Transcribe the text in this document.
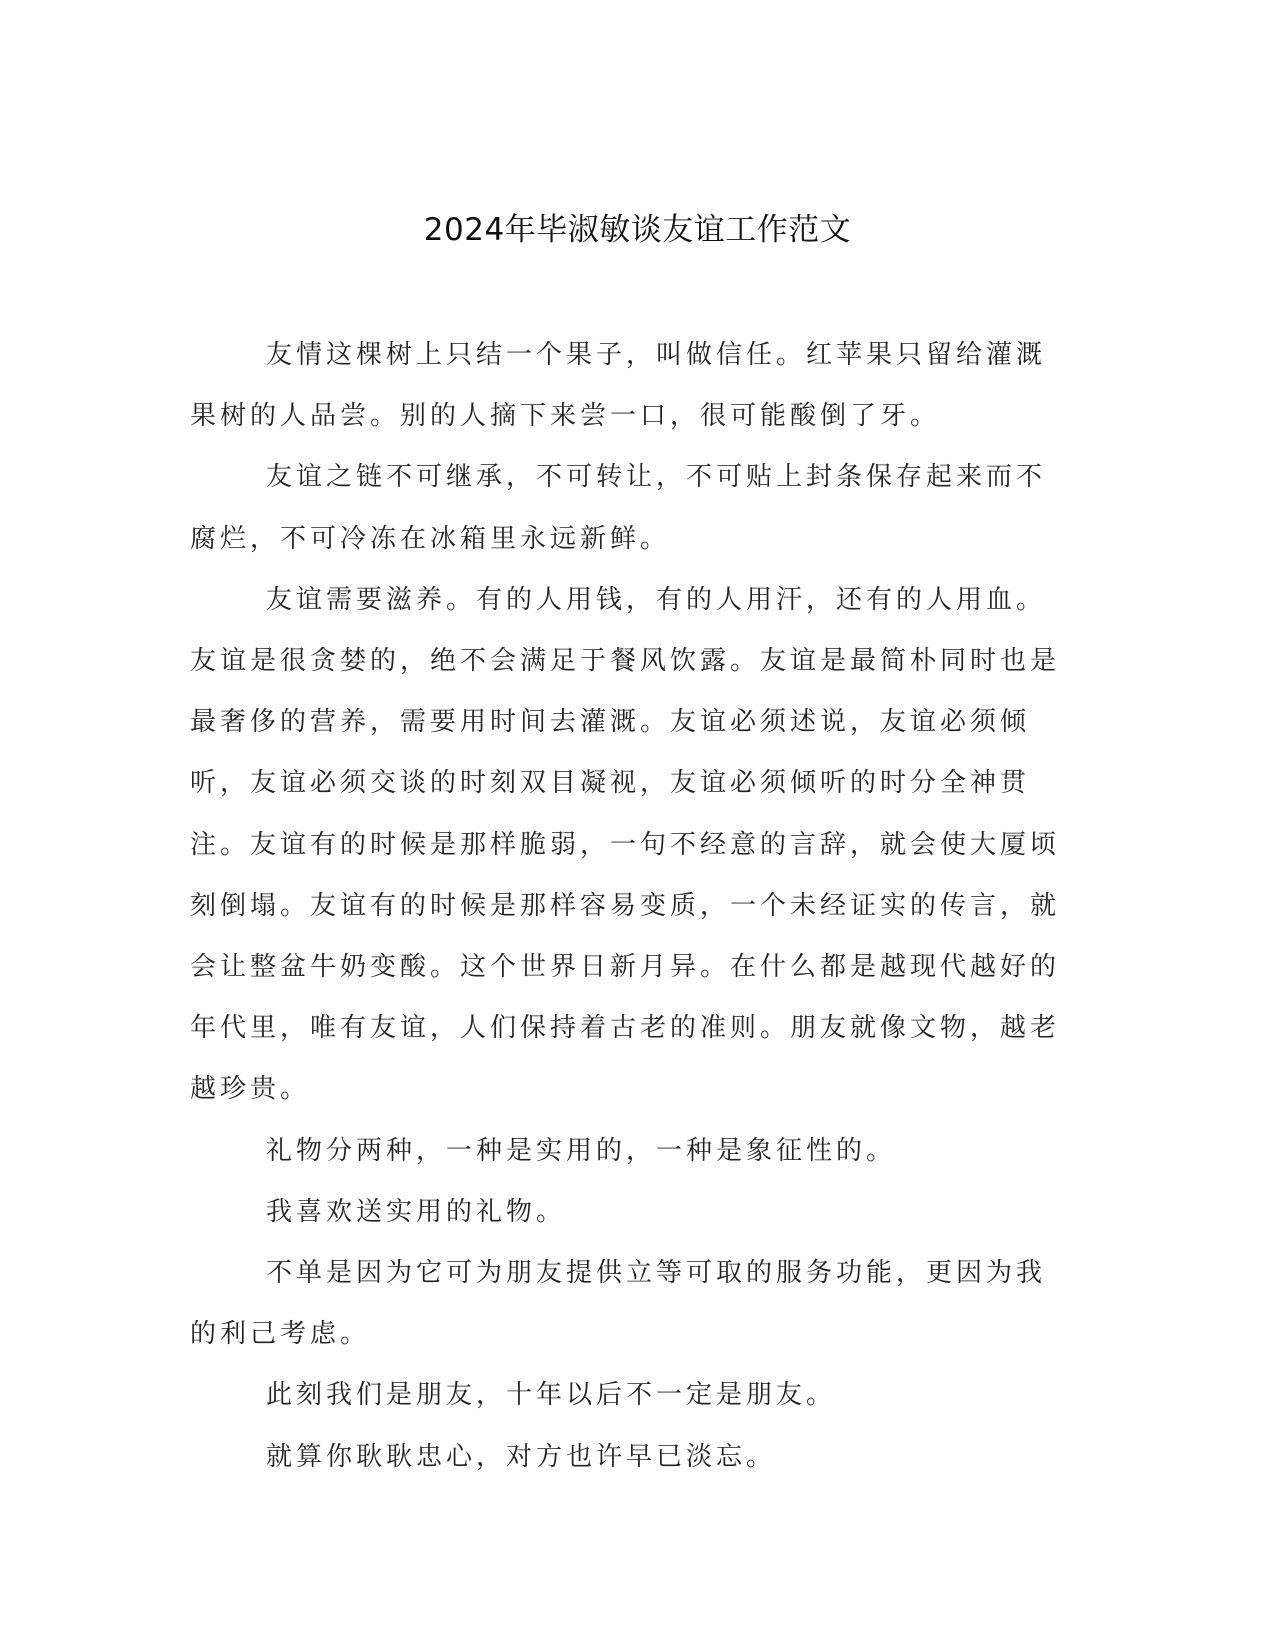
2024年毕淑敏谈友谊工作范文

友情这棵树上只结一个果子，叫做信任。红苹果只留给灌溉果树的人品尝。别的人摘下来尝一口，很可能酸倒了牙。

友谊之链不可继承，不可转让，不可贴上封条保存起来而不腐烂，不可冷冻在冰箱里永远新鲜。

友谊需要滋养。有的人用钱，有的人用汗，还有的人用血。友谊是很贪婪的，绝不会满足于餐风饮露。友谊是最简朴同时也是最奢侈的营养，需要用时间去灌溉。友谊必须述说，友谊必须倾听，友谊必须交谈的时刻双目凝视，友谊必须倾听的时分全神贯注。友谊有的时候是那样脆弱，一句不经意的言辞，就会使大厦顷刻倒塌。友谊有的时候是那样容易变质，一个未经证实的传言，就会让整盆牛奶变酸。这个世界日新月异。在什么都是越现代越好的年代里，唯有友谊，人们保持着古老的准则。朋友就像文物，越老越珍贵。

礼物分两种，一种是实用的，一种是象征性的。

我喜欢送实用的礼物。

不单是因为它可为朋友提供立等可取的服务功能，更因为我的利己考虑。

此刻我们是朋友，十年以后不一定是朋友。

就算你耿耿忠心，对方也许早已淡忘。
